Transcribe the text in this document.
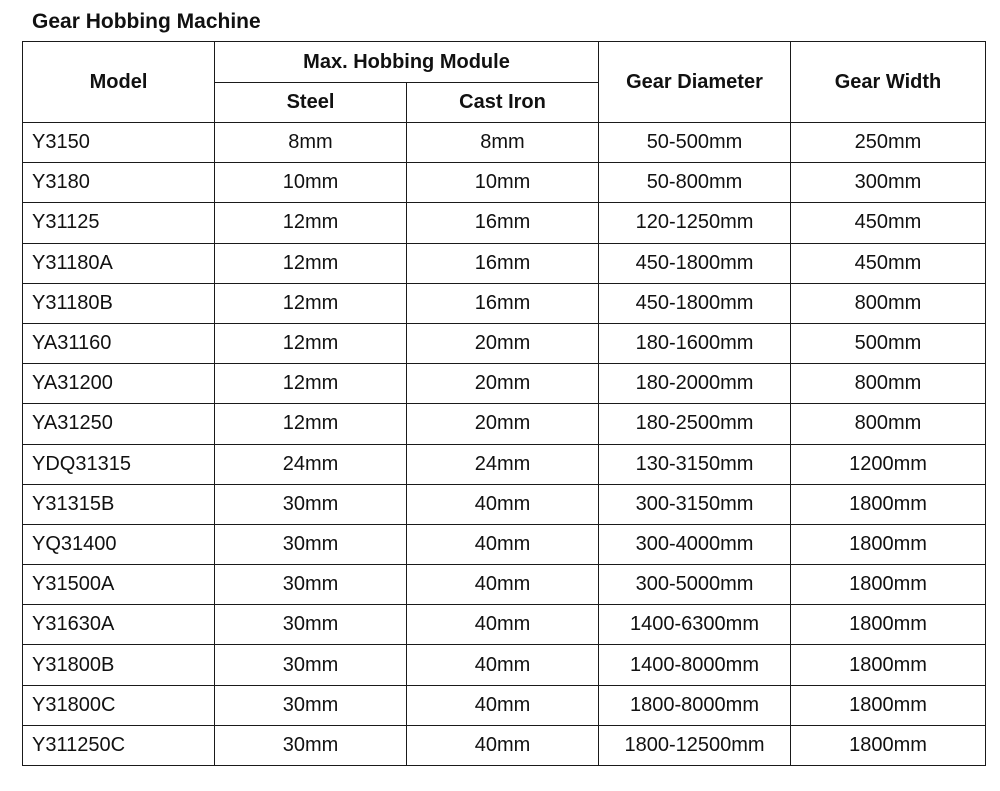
Gear Hobbing Machine
Model	Max. Hobbing Module		Gear Diameter	Gear Width
	Steel	Cast Iron		
Y3150	8mm	8mm	50-500mm	250mm
Y3180	10mm	10mm	50-800mm	300mm
Y31125	12mm	16mm	120-1250mm	450mm
Y31180A	12mm	16mm	450-1800mm	450mm
Y31180B	12mm	16mm	450-1800mm	800mm
YA31160	12mm	20mm	180-1600mm	500mm
YA31200	12mm	20mm	180-2000mm	800mm
YA31250	12mm	20mm	180-2500mm	800mm
YDQ31315	24mm	24mm	130-3150mm	1200mm
Y31315B	30mm	40mm	300-3150mm	1800mm
YQ31400	30mm	40mm	300-4000mm	1800mm
Y31500A	30mm	40mm	300-5000mm	1800mm
Y31630A	30mm	40mm	1400-6300mm	1800mm
Y31800B	30mm	40mm	1400-8000mm	1800mm
Y31800C	30mm	40mm	1800-8000mm	1800mm
Y311250C	30mm	40mm	1800-12500mm	1800mm
